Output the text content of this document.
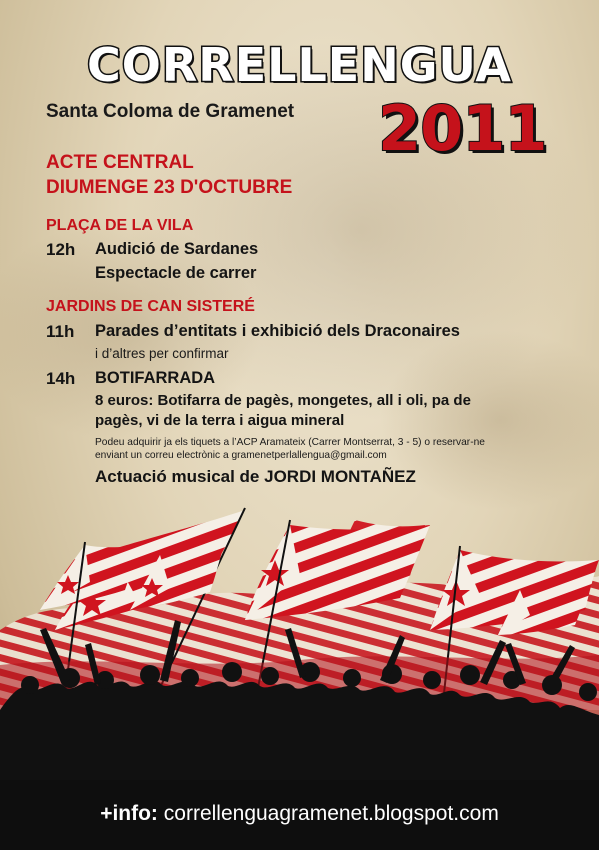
CORRELLENGUA
Santa Coloma de Gramenet 2011
ACTE CENTRAL
DIUMENGE 23 D'OCTUBRE
PLAÇA DE LA VILA
12h Audició de Sardanes
Espectacle de carrer
JARDINS DE CAN SISTERÉ
11h Parades d’entitats i exhibició dels Draconaires
i d’altres per confirmar
14h BOTIFARRADA
8 euros: Botifarra de pagès, mongetes, all i oli, pa de
pagès, vi de la terra i aigua mineral
Podeu adquirir ja els tiquets a l’ACP Aramateix (Carrer Montserrat, 3 - 5) o reservar-ne
enviant un correu electrònic a gramenetperlallengua@gmail.com
Actuació musical de JORDI MONTAÑEZ
+info: correllenguagramenet.blogspot.com
